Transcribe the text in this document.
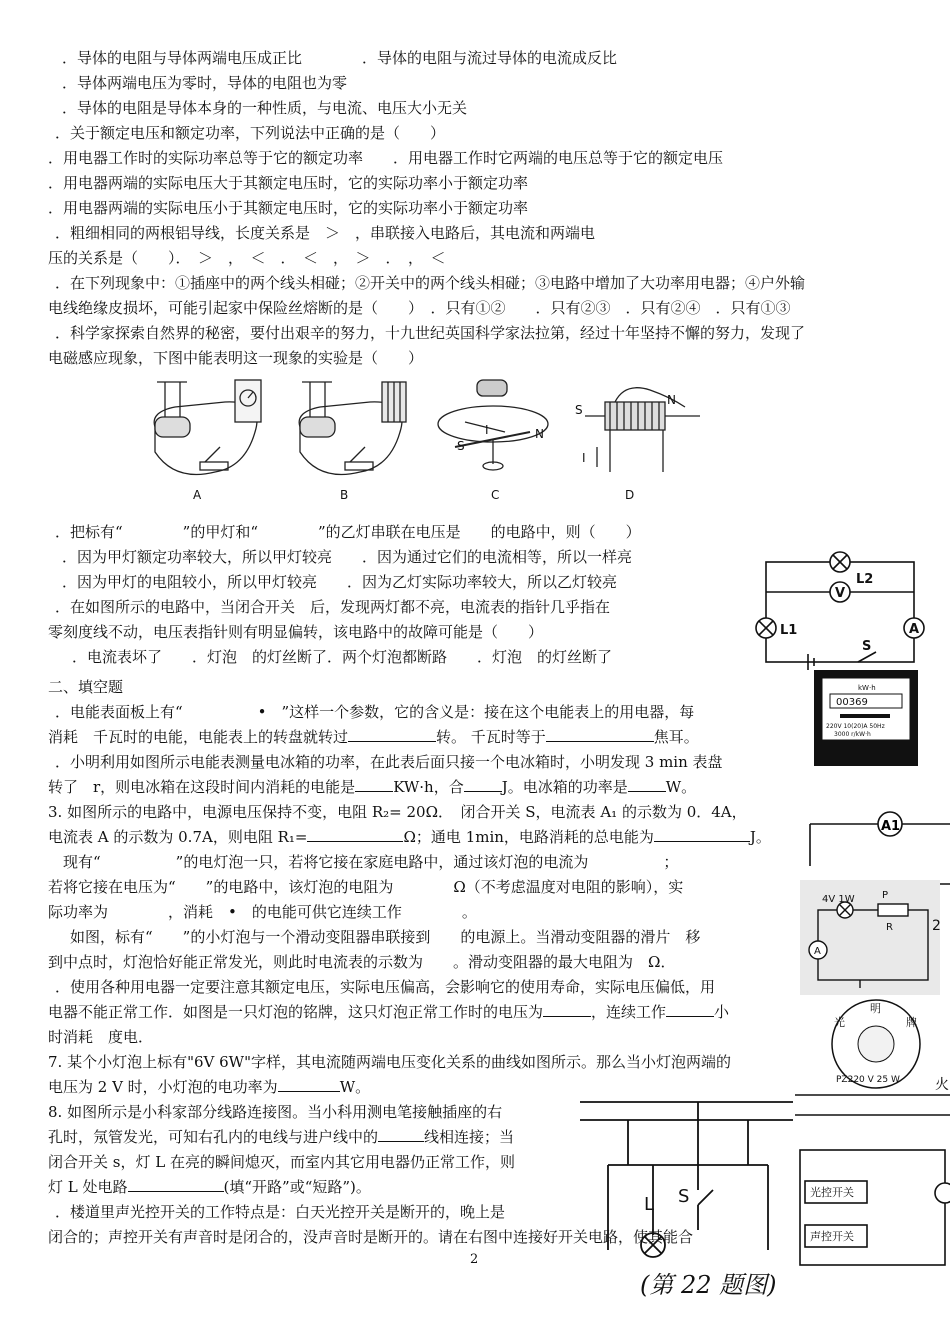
．导体的电阻与导体两端电压成正比　　　　．导体的电阻与流过导体的电流成反比
．导体两端电压为零时，导体的电阻也为零
．导体的电阻是导体本身的一种性质，与电流、电压大小无关
．关于额定电压和额定功率，下列说法中正确的是（　　）
．用电器工作时的实际功率总等于它的额定功率　　．用电器工作时它两端的电压总等于它的额定电压
．用电器两端的实际电压大于其额定电压时，它的实际功率小于额定功率
．用电器两端的实际电压小于其额定电压时，它的实际功率小于额定功率
．粗细相同的两根铝导线，长度关系是　＞　，串联接入电路后，其电流和两端电
压的关系是（　　）．　＞　，　＜　．　＜　，　＞　．　，　＜
．在下列现象中：①插座中的两个线头相碰；②开关中的两个线头相碰；③电路中增加了大功率用电器；④户外输
电线绝缘皮损坏，可能引起家中保险丝熔断的是（　　）　．只有①②　　．只有②③　．只有②④　．只有①③
．科学家探索自然界的秘密，要付出艰辛的努力，十九世纪英国科学家法拉第，经过十年坚持不懈的努力，发现了
电磁感应现象，下图中能表明这一现象的实验是（　　）
A	B	C	D
I
S
N
S
N
I
．把标有“　　　　”的甲灯和“　　　　”的乙灯串联在电压是　　的电路中，则（　　）
．因为甲灯额定功率较大，所以甲灯较亮　　．因为通过它们的电流相等，所以一样亮
．因为甲灯的电阻较小，所以甲灯较亮　　．因为乙灯实际功率较大，所以乙灯较亮
．在如图所示的电路中，当闭合开关　后，发现两灯都不亮，电流表的指针几乎指在
零刻度线不动，电压表指针则有明显偏转，该电路中的故障可能是（　　）
．电流表坏了　　．灯泡　的灯丝断了．两个灯泡都断路　　．灯泡　的灯丝断了
L2
V
L1	A
S
二、填空题
．电能表面板上有“　　　　　•　”这样一个参数，它的含义是：接在这个电能表上的用电器，每
消耗　千瓦时的电能，电能表上的转盘就转过	转。 千瓦时等于	焦耳。
kW·h
00369
220V 10(20)A 50Hz
3000 r/kW·h
．小明利用如图所示电能表测量电冰箱的功率，在此表后面只接一个电冰箱时，小明发现 3 min 表盘
转了　r，则电冰箱在这段时间内消耗的电能是	KW·h，合	J。电冰箱的功率是	W。
3. 如图所示的电路中，电源电压保持不变，电阻 R₂= 20Ω．　闭合开关 S，电流表 A₁ 的示数为 0．4A，
电流表 A 的示数为 0.7A，则电阻 R₁=	Ω；通电 1min，电路消耗的总电能为	J。
A1
　现有“　　　　　”的电灯泡一只，若将它接在家庭电路中，通过该灯泡的电流为　　　　　；
若将它接在电压为“　　”的电路中，该灯泡的电阻为　　　　Ω（不考虑温度对电阻的影响），实
际功率为　　　　，消耗　•　的电能可供它连续工作　　　　。
4V 1W	P
R
A
2
　如图，标有“　　”的小灯泡与一个滑动变阻器串联接到　　的电源上。当滑动变阻器的滑片　移
到中点时，灯泡恰好能正常发光，则此时电流表的示数为　　。滑动变阻器的最大电阻为　Ω．
．使用各种用电器一定要注意其额定电压，实际电压偏高，会影响它的使用寿命，实际电压偏低，用
电器不能正常工作．如图是一只灯泡的铭牌，这只灯泡正常工作时的电压为	，连续工作	小
时消耗　度电．
光
明
牌
PZ220 V 25 W
7. 某个小灯泡上标有"6V 6W"字样，其电流随两端电压变化关系的曲线如图所示。那么当小灯泡两端的
电压为 2 V 时，小灯泡的电功率为	W。
8. 如图所示是小科家部分线路连接图。当小科用测电笔接触插座的右
孔时，氖管发光，可知右孔内的电线与进户线中的	线相连接；当
闭合开关 s，灯 L 在亮的瞬间熄灭，而室内其它用电器仍正常工作，则
灯 L 处电路	(填“开路”或“短路”)。
．楼道里声光控开关的工作特点是：白天光控开关是断开的，晚上是
闭合的；声控开关有声音时是闭合的，没声音时是断开的。请在右图中连接好开关电路，使其能合
L S
火
光控开关
声控开关
(第 22 题图)
2
